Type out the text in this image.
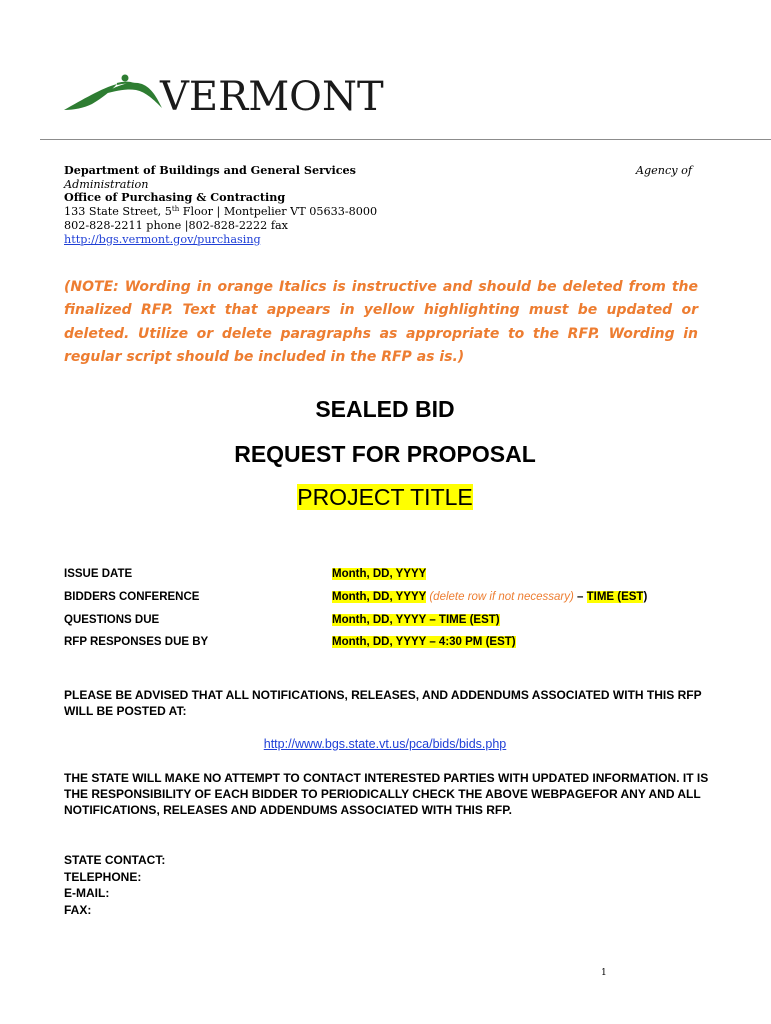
VERMONT
Department of Buildings and General Services	Agency of
Administration
Office of Purchasing & Contracting
133 State Street, 5th Floor | Montpelier VT 05633-8000
802-828-2211 phone |802-828-2222 fax
http://bgs.vermont.gov/purchasing
(NOTE: Wording in orange Italics is instructive and should be deleted from the finalized RFP. Text that appears in yellow highlighting must be updated or deleted. Utilize or delete paragraphs as appropriate to the RFP. Wording in regular script should be included in the RFP as is.)
SEALED BID
REQUEST FOR PROPOSAL
PROJECT TITLE
ISSUE DATE	Month, DD, YYYY
BIDDERS CONFERENCE	Month, DD, YYYY (delete row if not necessary) – TIME (EST)
QUESTIONS DUE	Month, DD, YYYY – TIME (EST)
RFP RESPONSES DUE BY	Month, DD, YYYY – 4:30 PM (EST)
PLEASE BE ADVISED THAT ALL NOTIFICATIONS, RELEASES, AND ADDENDUMS ASSOCIATED WITH THIS RFP WILL BE POSTED AT:
http://www.bgs.state.vt.us/pca/bids/bids.php
THE STATE WILL MAKE NO ATTEMPT TO CONTACT INTERESTED PARTIES WITH UPDATED INFORMATION. IT IS THE RESPONSIBILITY OF EACH BIDDER TO PERIODICALLY CHECK THE ABOVE WEBPAGEFOR ANY AND ALL NOTIFICATIONS, RELEASES AND ADDENDUMS ASSOCIATED WITH THIS RFP.
STATE CONTACT:
TELEPHONE:
E-MAIL:
FAX:
1
